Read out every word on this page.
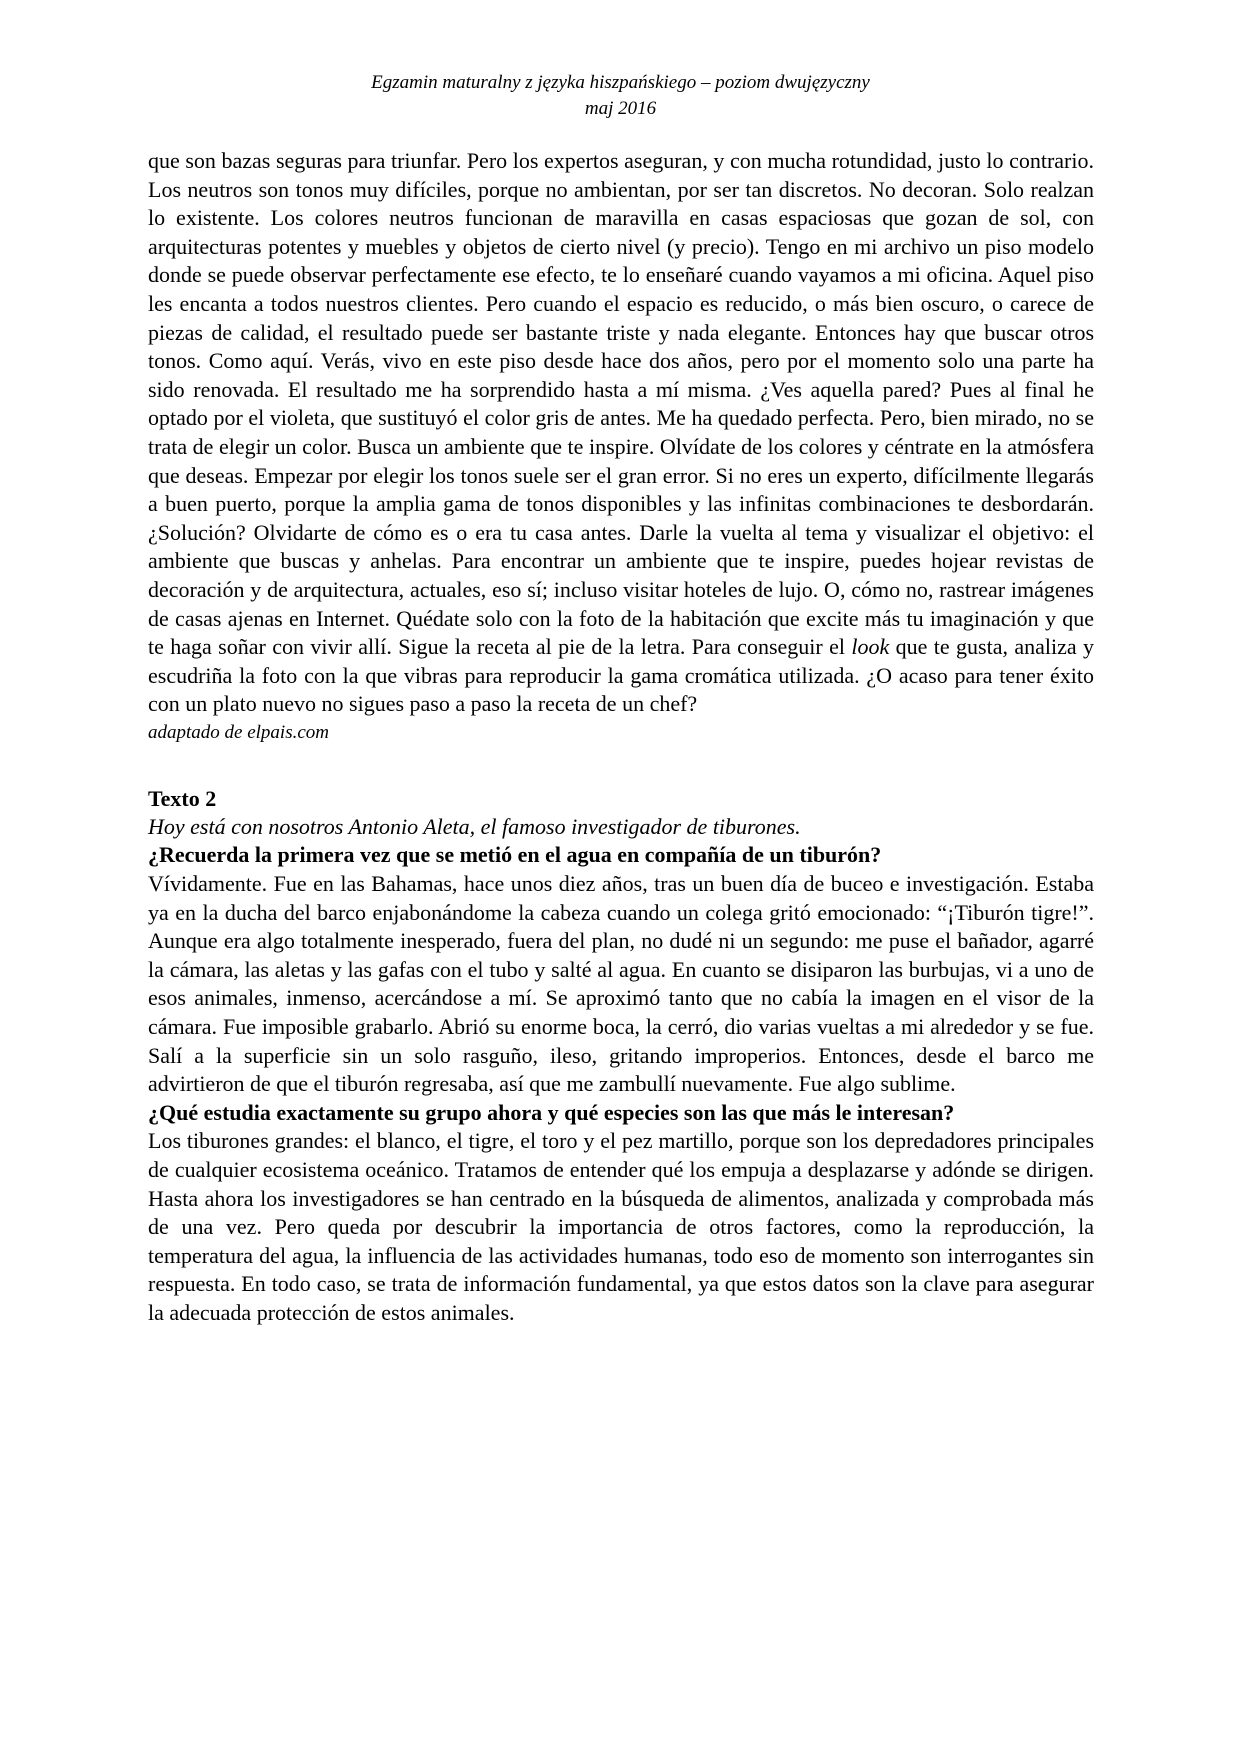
Egzamin maturalny z języka hiszpańskiego – poziom dwujęzyczny
maj 2016

que son bazas seguras para triunfar. Pero los expertos aseguran, y con mucha rotundidad, justo lo contrario. Los neutros son tonos muy difíciles, porque no ambientan, por ser tan discretos. No decoran. Solo realzan lo existente. Los colores neutros funcionan de maravilla en casas espaciosas que gozan de sol, con arquitecturas potentes y muebles y objetos de cierto nivel (y precio). Tengo en mi archivo un piso modelo donde se puede observar perfectamente ese efecto, te lo enseñaré cuando vayamos a mi oficina. Aquel piso les encanta a todos nuestros clientes. Pero cuando el espacio es reducido, o más bien oscuro, o carece de piezas de calidad, el resultado puede ser bastante triste y nada elegante. Entonces hay que buscar otros tonos. Como aquí. Verás, vivo en este piso desde hace dos años, pero por el momento solo una parte ha sido renovada. El resultado me ha sorprendido hasta a mí misma. ¿Ves aquella pared? Pues al final he optado por el violeta, que sustituyó el color gris de antes. Me ha quedado perfecta. Pero, bien mirado, no se trata de elegir un color. Busca un ambiente que te inspire. Olvídate de los colores y céntrate en la atmósfera que deseas. Empezar por elegir los tonos suele ser el gran error. Si no eres un experto, difícilmente llegarás a buen puerto, porque la amplia gama de tonos disponibles y las infinitas combinaciones te desbordarán. ¿Solución? Olvidarte de cómo es o era tu casa antes. Darle la vuelta al tema y visualizar el objetivo: el ambiente que buscas y anhelas. Para encontrar un ambiente que te inspire, puedes hojear revistas de decoración y de arquitectura, actuales, eso sí; incluso visitar hoteles de lujo. O, cómo no, rastrear imágenes de casas ajenas en Internet. Quédate solo con la foto de la habitación que excite más tu imaginación y que te haga soñar con vivir allí. Sigue la receta al pie de la letra. Para conseguir el look que te gusta, analiza y escudriña la foto con la que vibras para reproducir la gama cromática utilizada. ¿O acaso para tener éxito con un plato nuevo no sigues paso a paso la receta de un chef?

adaptado de elpais.com

Texto 2

Hoy está con nosotros Antonio Aleta, el famoso investigador de tiburones.

¿Recuerda la primera vez que se metió en el agua en compañía de un tiburón?

Vívidamente. Fue en las Bahamas, hace unos diez años, tras un buen día de buceo e investigación. Estaba ya en la ducha del barco enjabonándome la cabeza cuando un colega gritó emocionado: “¡Tiburón tigre!”. Aunque era algo totalmente inesperado, fuera del plan, no dudé ni un segundo: me puse el bañador, agarré la cámara, las aletas y las gafas con el tubo y salté al agua. En cuanto se disiparon las burbujas, vi a uno de esos animales, inmenso, acercándose a mí. Se aproximó tanto que no cabía la imagen en el visor de la cámara. Fue imposible grabarlo. Abrió su enorme boca, la cerró, dio varias vueltas a mi alrededor y se fue. Salí a la superficie sin un solo rasguño, ileso, gritando improperios. Entonces, desde el barco me advirtieron de que el tiburón regresaba, así que me zambullí nuevamente. Fue algo sublime.

¿Qué estudia exactamente su grupo ahora y qué especies son las que más le interesan?

Los tiburones grandes: el blanco, el tigre, el toro y el pez martillo, porque son los depredadores principales de cualquier ecosistema oceánico. Tratamos de entender qué los empuja a desplazarse y adónde se dirigen. Hasta ahora los investigadores se han centrado en la búsqueda de alimentos, analizada y comprobada más de una vez. Pero queda por descubrir la importancia de otros factores, como la reproducción, la temperatura del agua, la influencia de las actividades humanas, todo eso de momento son interrogantes sin respuesta. En todo caso, se trata de información fundamental, ya que estos datos son la clave para asegurar la adecuada protección de estos animales.
